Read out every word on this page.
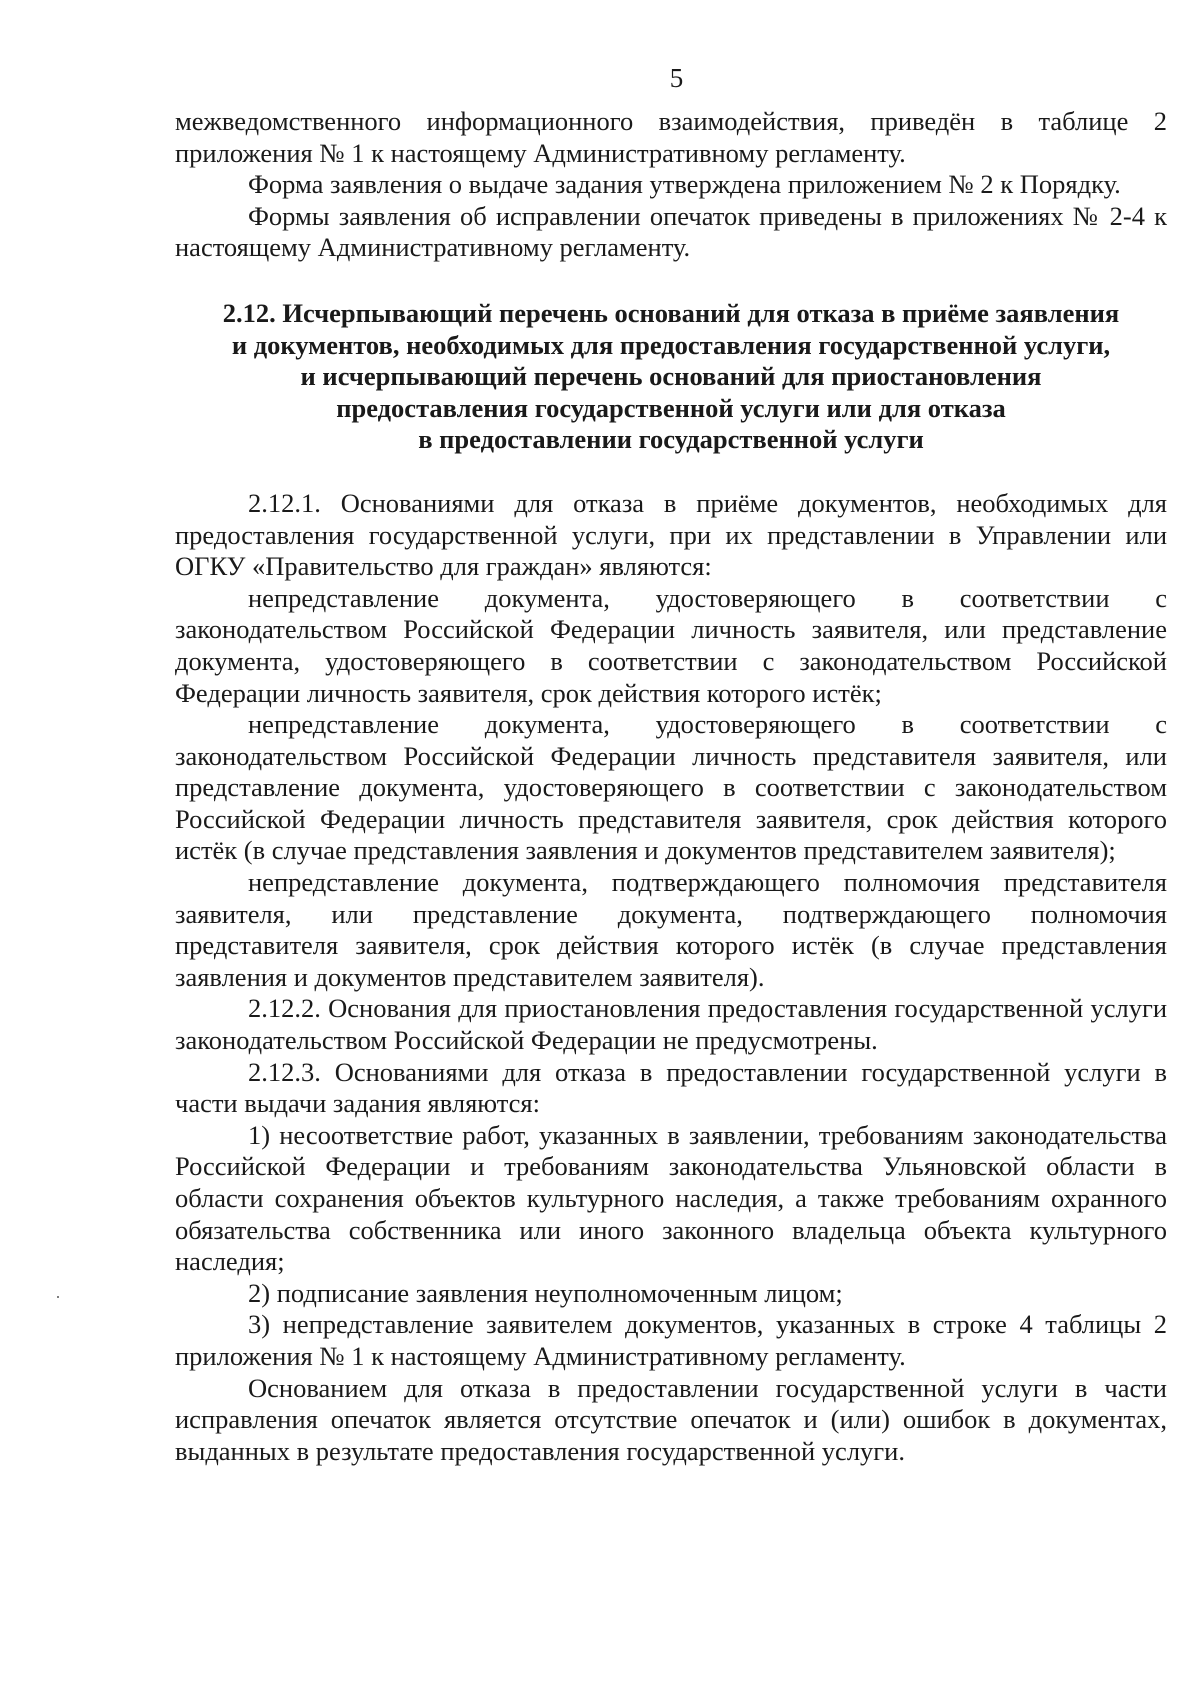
5

межведомственного информационного взаимодействия, приведён в таблице 2 приложения № 1 к настоящему Административному регламенту.

Форма заявления о выдаче задания утверждена приложением № 2 к Порядку.

Формы заявления об исправлении опечаток приведены в приложениях № 2-4 к настоящему Административному регламенту.

2.12. Исчерпывающий перечень оснований для отказа в приёме заявления
и документов, необходимых для предоставления государственной услуги,
и исчерпывающий перечень оснований для приостановления
предоставления государственной услуги или для отказа
в предоставлении государственной услуги

2.12.1. Основаниями для отказа в приёме документов, необходимых для предоставления государственной услуги, при их представлении в Управлении или ОГКУ «Правительство для граждан» являются:

непредставление документа, удостоверяющего в соответствии с законодательством Российской Федерации личность заявителя, или представление документа, удостоверяющего в соответствии с законодательством Российской Федерации личность заявителя, срок действия которого истёк;

непредставление документа, удостоверяющего в соответствии с законодательством Российской Федерации личность представителя заявителя, или представление документа, удостоверяющего в соответствии с законодательством Российской Федерации личность представителя заявителя, срок действия которого истёк (в случае представления заявления и документов представителем заявителя);

непредставление документа, подтверждающего полномочия представителя заявителя, или представление документа, подтверждающего полномочия представителя заявителя, срок действия которого истёк (в случае представления заявления и документов представителем заявителя).

2.12.2. Основания для приостановления предоставления государственной услуги законодательством Российской Федерации не предусмотрены.

2.12.3. Основаниями для отказа в предоставлении государственной услуги в части выдачи задания являются:

1) несоответствие работ, указанных в заявлении, требованиям законодательства Российской Федерации и требованиям законодательства Ульяновской области в области сохранения объектов культурного наследия, а также требованиям охранного обязательства собственника или иного законного владельца объекта культурного наследия;

2) подписание заявления неуполномоченным лицом;

3) непредставление заявителем документов, указанных в строке 4 таблицы 2 приложения № 1 к настоящему Административному регламенту.

Основанием для отказа в предоставлении государственной услуги в части исправления опечаток является отсутствие опечаток и (или) ошибок в документах, выданных в результате предоставления государственной услуги.
